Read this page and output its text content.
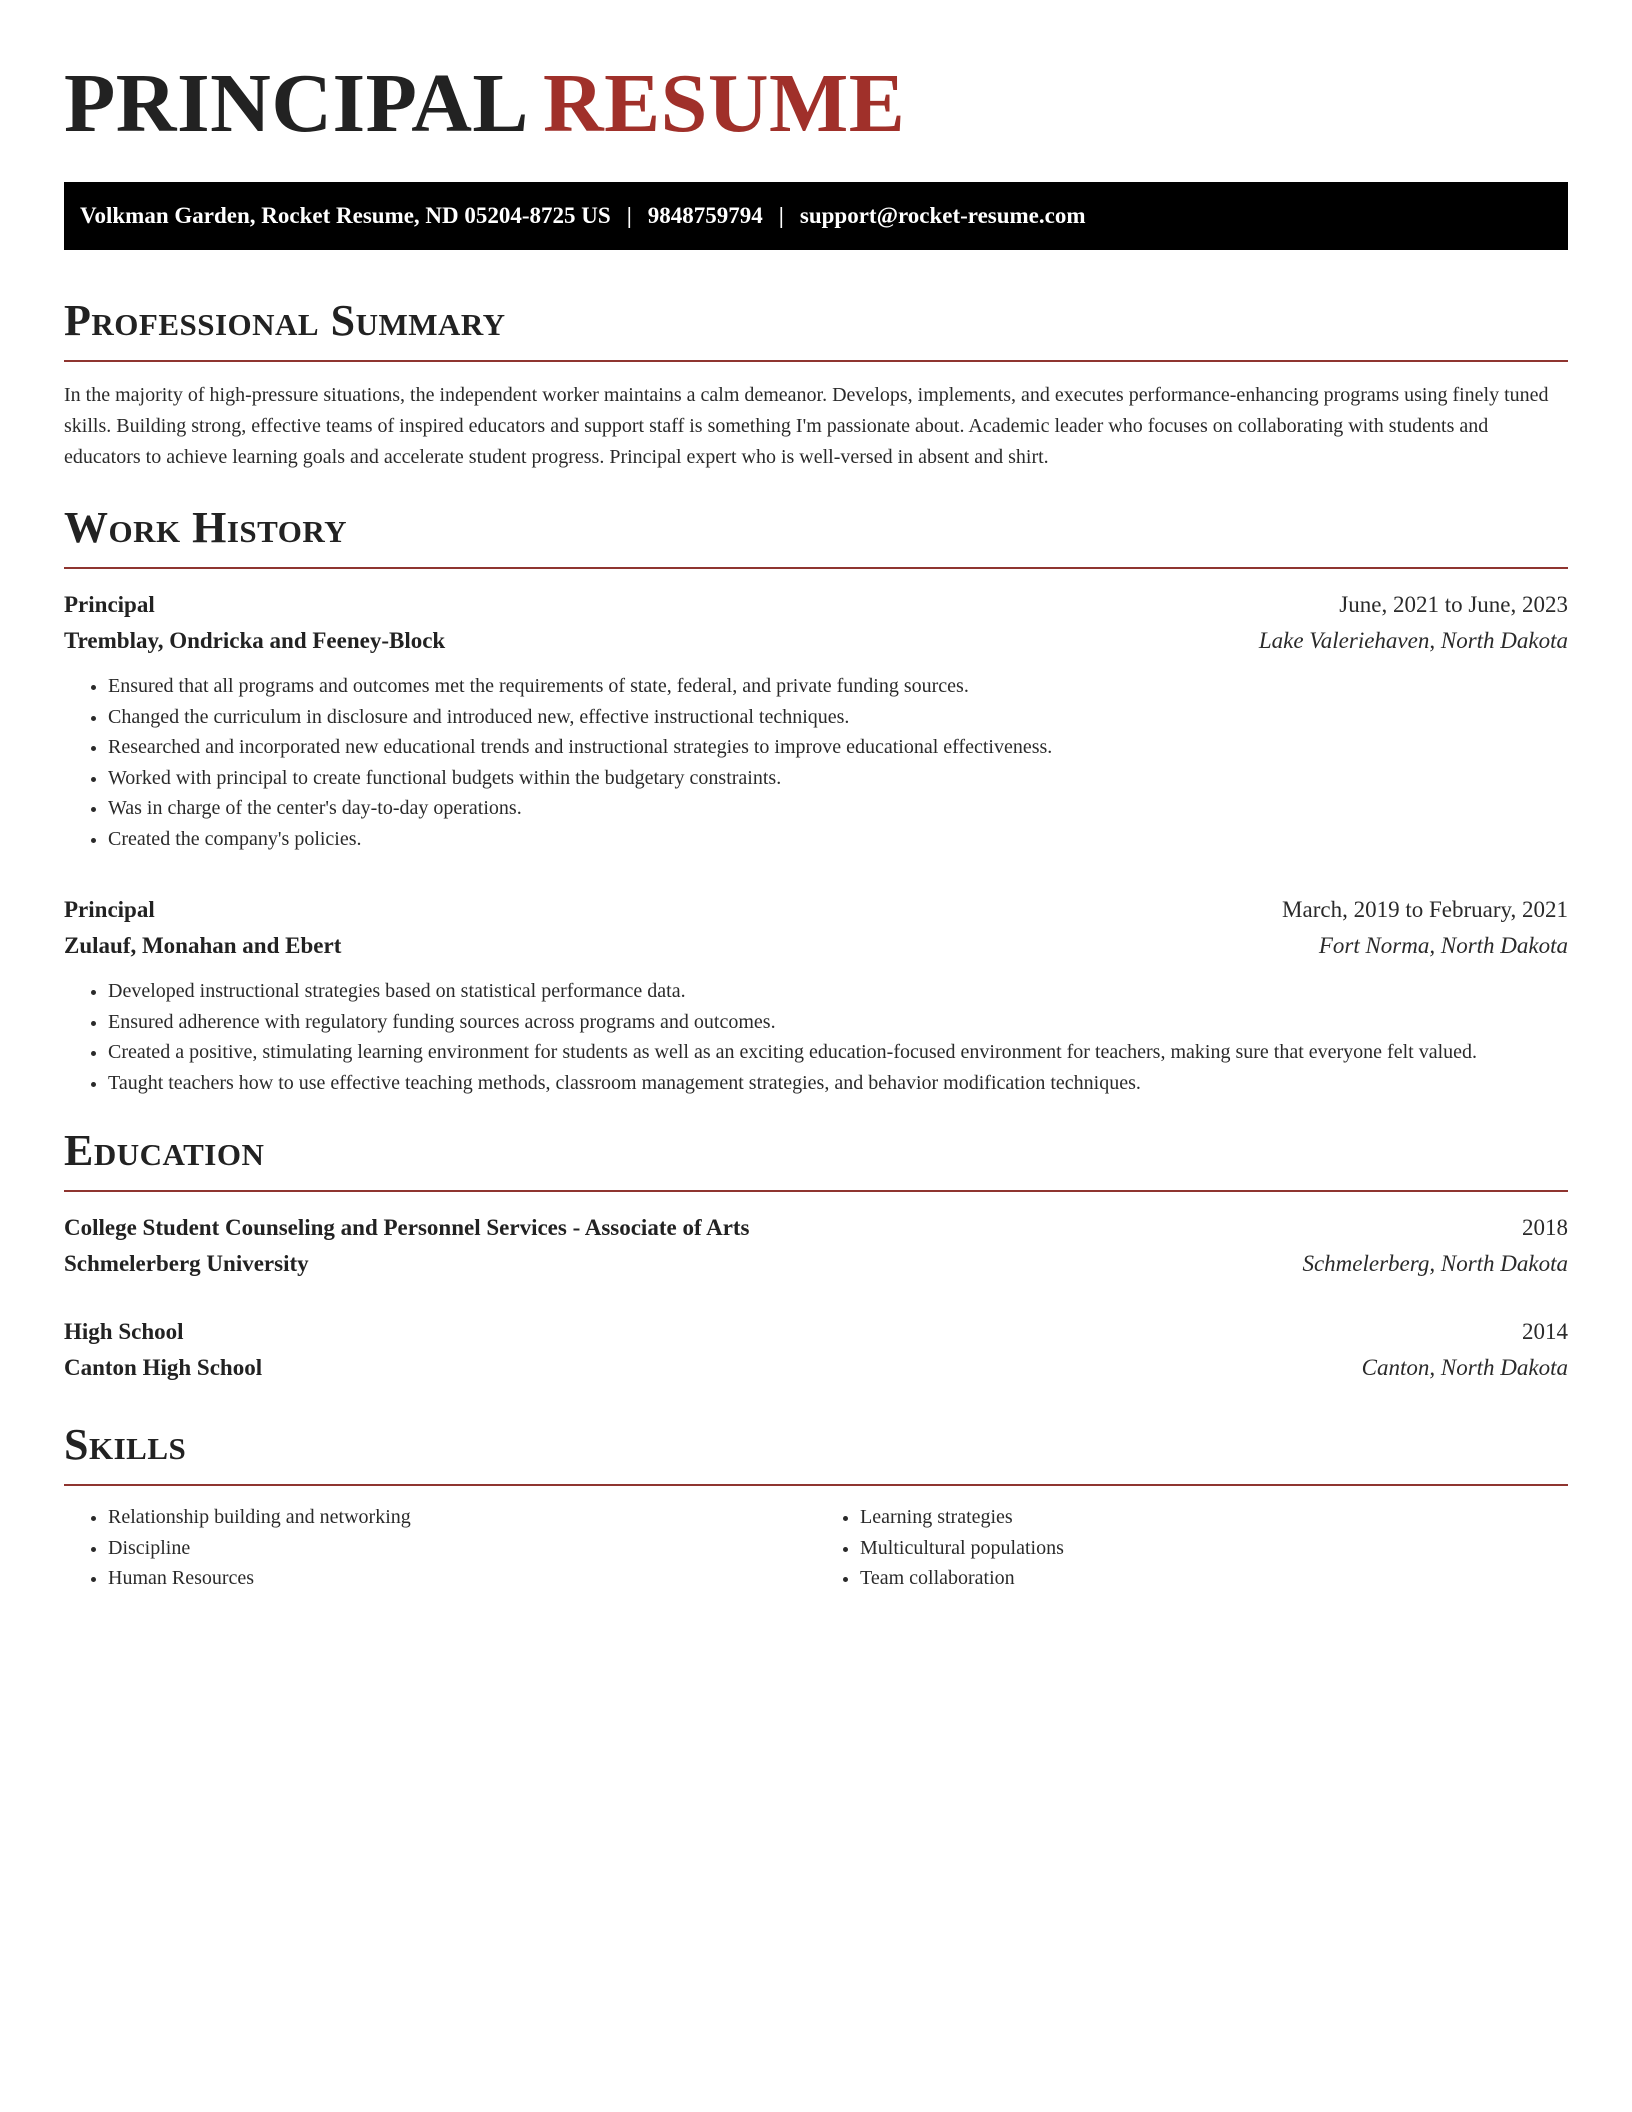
PRINCIPAL RESUME
Volkman Garden, Rocket Resume, ND 05204-8725 US | 9848759794 | support@rocket-resume.com
Professional Summary

In the majority of high-pressure situations, the independent worker maintains a calm demeanor. Develops, implements, and executes performance-enhancing programs using finely tuned skills. Building strong, effective teams of inspired educators and support staff is something I'm passionate about. Academic leader who focuses on collaborating with students and educators to achieve learning goals and accelerate student progress. Principal expert who is well-versed in absent and shirt.

Work History
Principal	June, 2021 to June, 2023
Tremblay, Ondricka and Feeney-Block	Lake Valeriehaven, North Dakota
• Ensured that all programs and outcomes met the requirements of state, federal, and private funding sources.
• Changed the curriculum in disclosure and introduced new, effective instructional techniques.
• Researched and incorporated new educational trends and instructional strategies to improve educational effectiveness.
• Worked with principal to create functional budgets within the budgetary constraints.
• Was in charge of the center's day-to-day operations.
• Created the company's policies.
Principal	March, 2019 to February, 2021
Zulauf, Monahan and Ebert	Fort Norma, North Dakota
• Developed instructional strategies based on statistical performance data.
• Ensured adherence with regulatory funding sources across programs and outcomes.
• Created a positive, stimulating learning environment for students as well as an exciting education-focused environment for teachers, making sure that everyone felt valued.
• Taught teachers how to use effective teaching methods, classroom management strategies, and behavior modification techniques.
Education
College Student Counseling and Personnel Services - Associate of Arts	2018
Schmelerberg University	Schmelerberg, North Dakota
High School	2014
Canton High School	Canton, North Dakota
Skills
• Relationship building and networking
• Discipline
• Human Resources
• Learning strategies
• Multicultural populations
• Team collaboration
